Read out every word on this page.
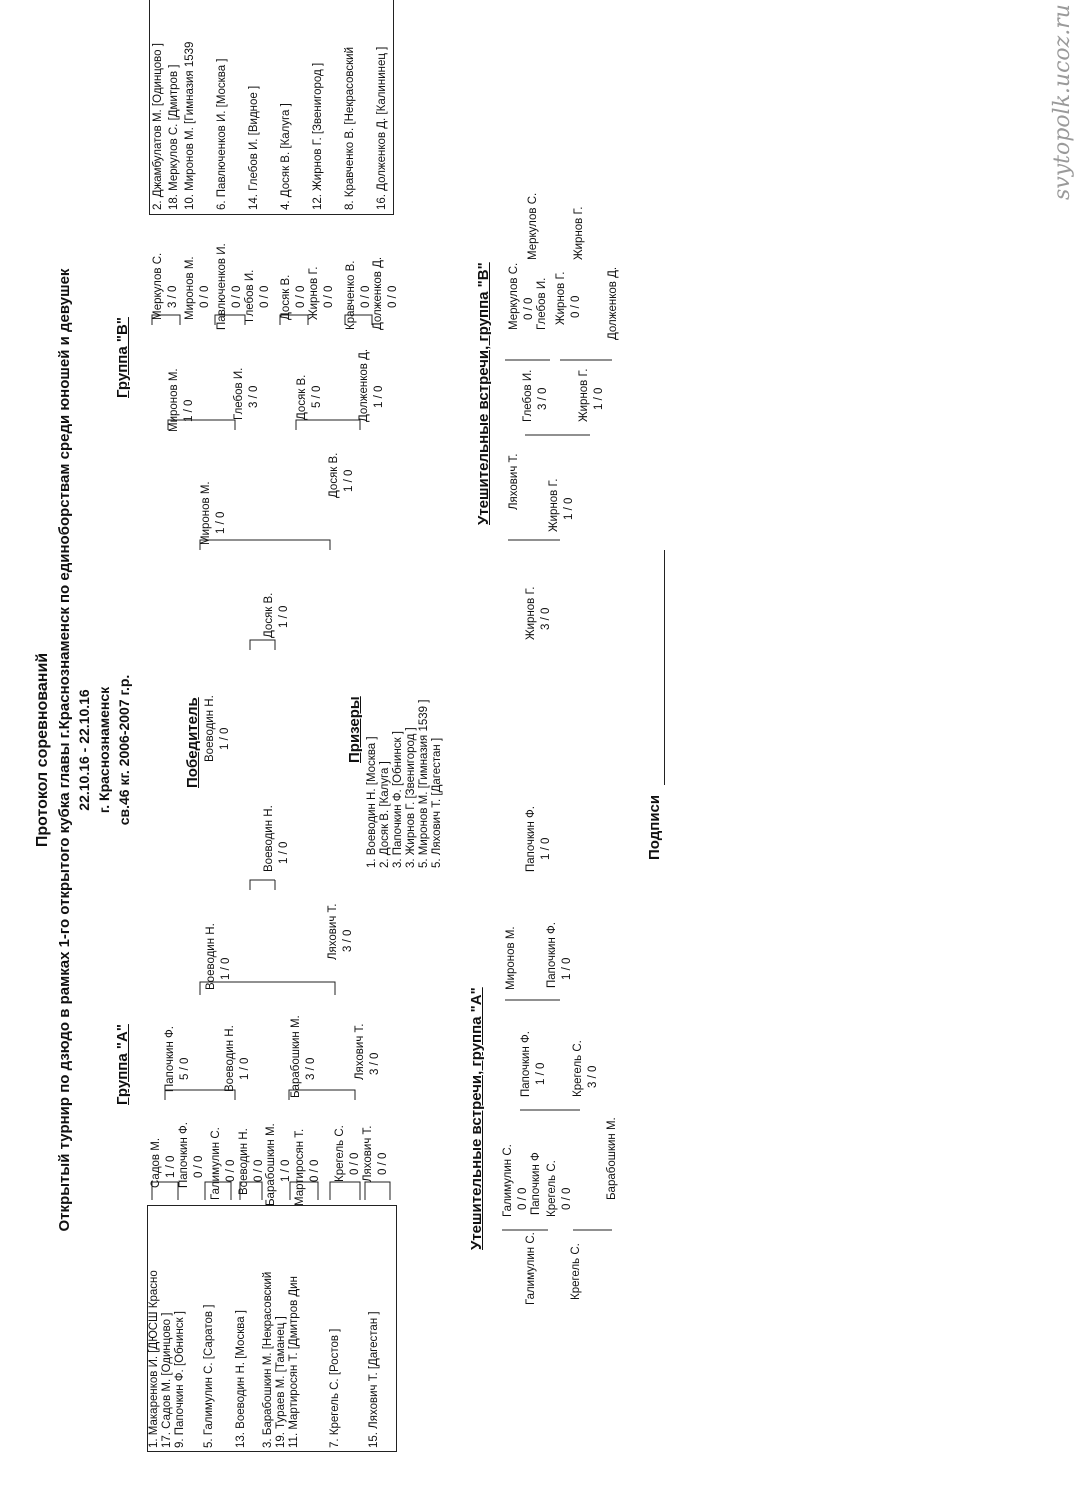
Протокол соревнований Открытый турнир по дзюдо в рамках 1-го открытого кубка главы г.Краснознаменск по единоборствам среди юношей и девушек 22.10.16 - 22.10.16 г. Краснознаменск св.46 кг. 2006-2007 г.р.
Группа "А"
1. Макаренков И. [ДЮСШ Красно 17. Садов М. [Одинцово ] 9. Папочкин Ф. [Обнинск ] 5. Галимулин С. [Саратов ] 13. Воеводин Н. [Москва ] 3. Барабошкин М. [Некрасовский 19. Тураев М. [Таманец ] 11. Мартиросян Т. [Дмитров Дин	7. Крегель С. [Ростов ] 15. Ляхович Т. [Дагестан ]
Садов М. 1 / 0 Папочкин Ф. 0 / 0 Галимулин С. 0 / 0 Воеводин Н. 0 / 0 Барабошкин М. 1 / 0 Мартиросян Т. 0 / 0 Крегель С. 0 / 0 Ляхович Т. 0 / 0
Папочкин Ф. 5 / 0	Воеводин Н. 1 / 0	Барабошкин М. 3 / 0	Ляхович Т. 3 / 0
Воеводин Н. 1 / 0
Ляхович Т. 3 / 0
Воеводин Н. 1 / 0
Победитель Воеводин Н. 1 / 0
Досяк В. 1 / 0
Призеры
1. Воеводин Н. [Москва ] 2. Досяк В. [Калуга ] 3. Папочкин Ф. [Обнинск ] 3. Жирнов Г. [Звенигород ] 5. Миронов М. [Гимназия 1539 ] 5. Ляхович Т. [Дагестан ]
Группа "В"
Миронов М. 1 / 0
Досяк В. 1 / 0
Миронов М. 1 / 0	Глебов И. 3 / 0	Досяк В. 5 / 0	Долженков Д. 1 / 0
Меркулов С. 3 / 0 Миронов М. 0 / 0 Павлюченков И. 0 / 0 Глебов И. 0 / 0 Досяк В. 0 / 0 Жирнов Г. 0 / 0 Кравченко В. 0 / 0 Долженков Д. 0 / 0
2. Джамбулатов М. [Одинцово ] 18. Меркулов С. [Дмитров ] 10. Миронов М. [Гимназия 1539 6. Павлюченков И. [Москва ] 14. Глебов И. [Видное ] 4. Досяк В. [Калуга ] 12. Жирнов Г. [Звенигород ] 8. Кравченко В. [Некрасовский 16. Долженков Д. [Калининец ]
Утешительные встречи, группа "А"
Галимулин С.
Галимулин С. 0 / 0 Папочкин Ф
Крегель С.
Крегель С. 0 / 0	Барабошкин М.
Папочкин Ф. 1 / 0 Крегель С. 3 / 0
Миронов М.	Папочкин Ф. 1 / 0
Папочкин Ф. 1 / 0
Утешительные встречи, группа "В"
Жирнов Г. 3 / 0
Ляхович Т. Жирнов Г. 1 / 0
Глебов И. 3 / 0	Жирнов Г. 1 / 0
Меркулов С. 0 / 0 Глебов И. Жирнов Г. 0 / 0 Долженков Д.
Меркулов С.	Жирнов Г.
Подписи
svytopolk.ucoz.ru
